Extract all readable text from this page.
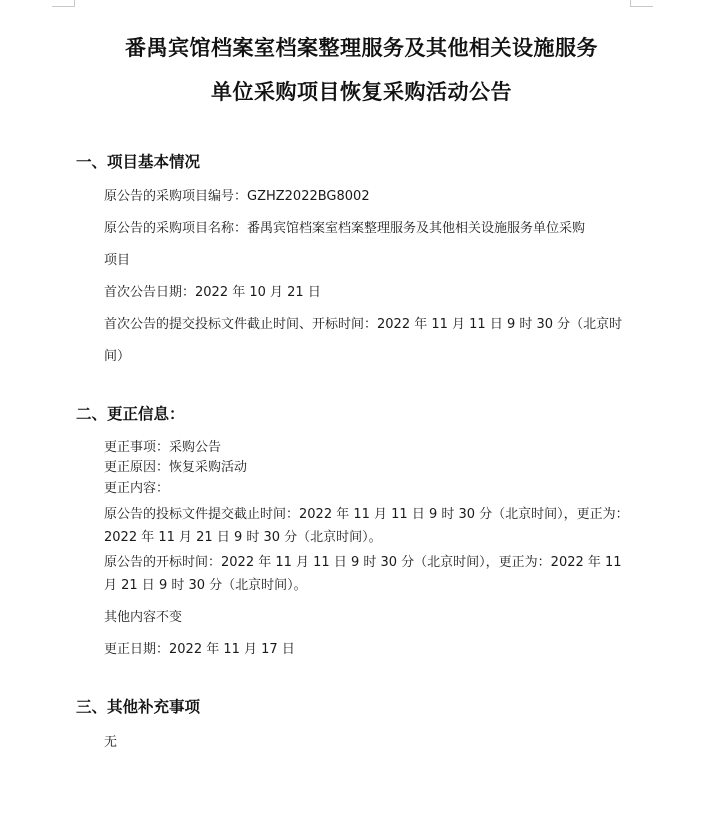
番禺宾馆档案室档案整理服务及其他相关设施服务
单位采购项目恢复采购活动公告
一、项目基本情况
原公告的采购项目编号：GZHZ2022BG8002
原公告的采购项目名称：番禺宾馆档案室档案整理服务及其他相关设施服务单位采购
项目
首次公告日期：2022 年 10 月 21 日
首次公告的提交投标文件截止时间、开标时间：2022 年 11 月 11 日 9 时 30 分（北京时
间）
二、更正信息：
更正事项：采购公告
更正原因：恢复采购活动
更正内容：
原公告的投标文件提交截止时间：2022 年 11 月 11 日 9 时 30 分（北京时间），更正为：
2022 年 11 月 21 日 9 时 30 分（北京时间）。
原公告的开标时间：2022 年 11 月 11 日 9 时 30 分（北京时间），更正为：2022 年 11
月 21 日 9 时 30 分（北京时间）。
其他内容不变
更正日期：2022 年 11 月 17 日
三、其他补充事项
无
